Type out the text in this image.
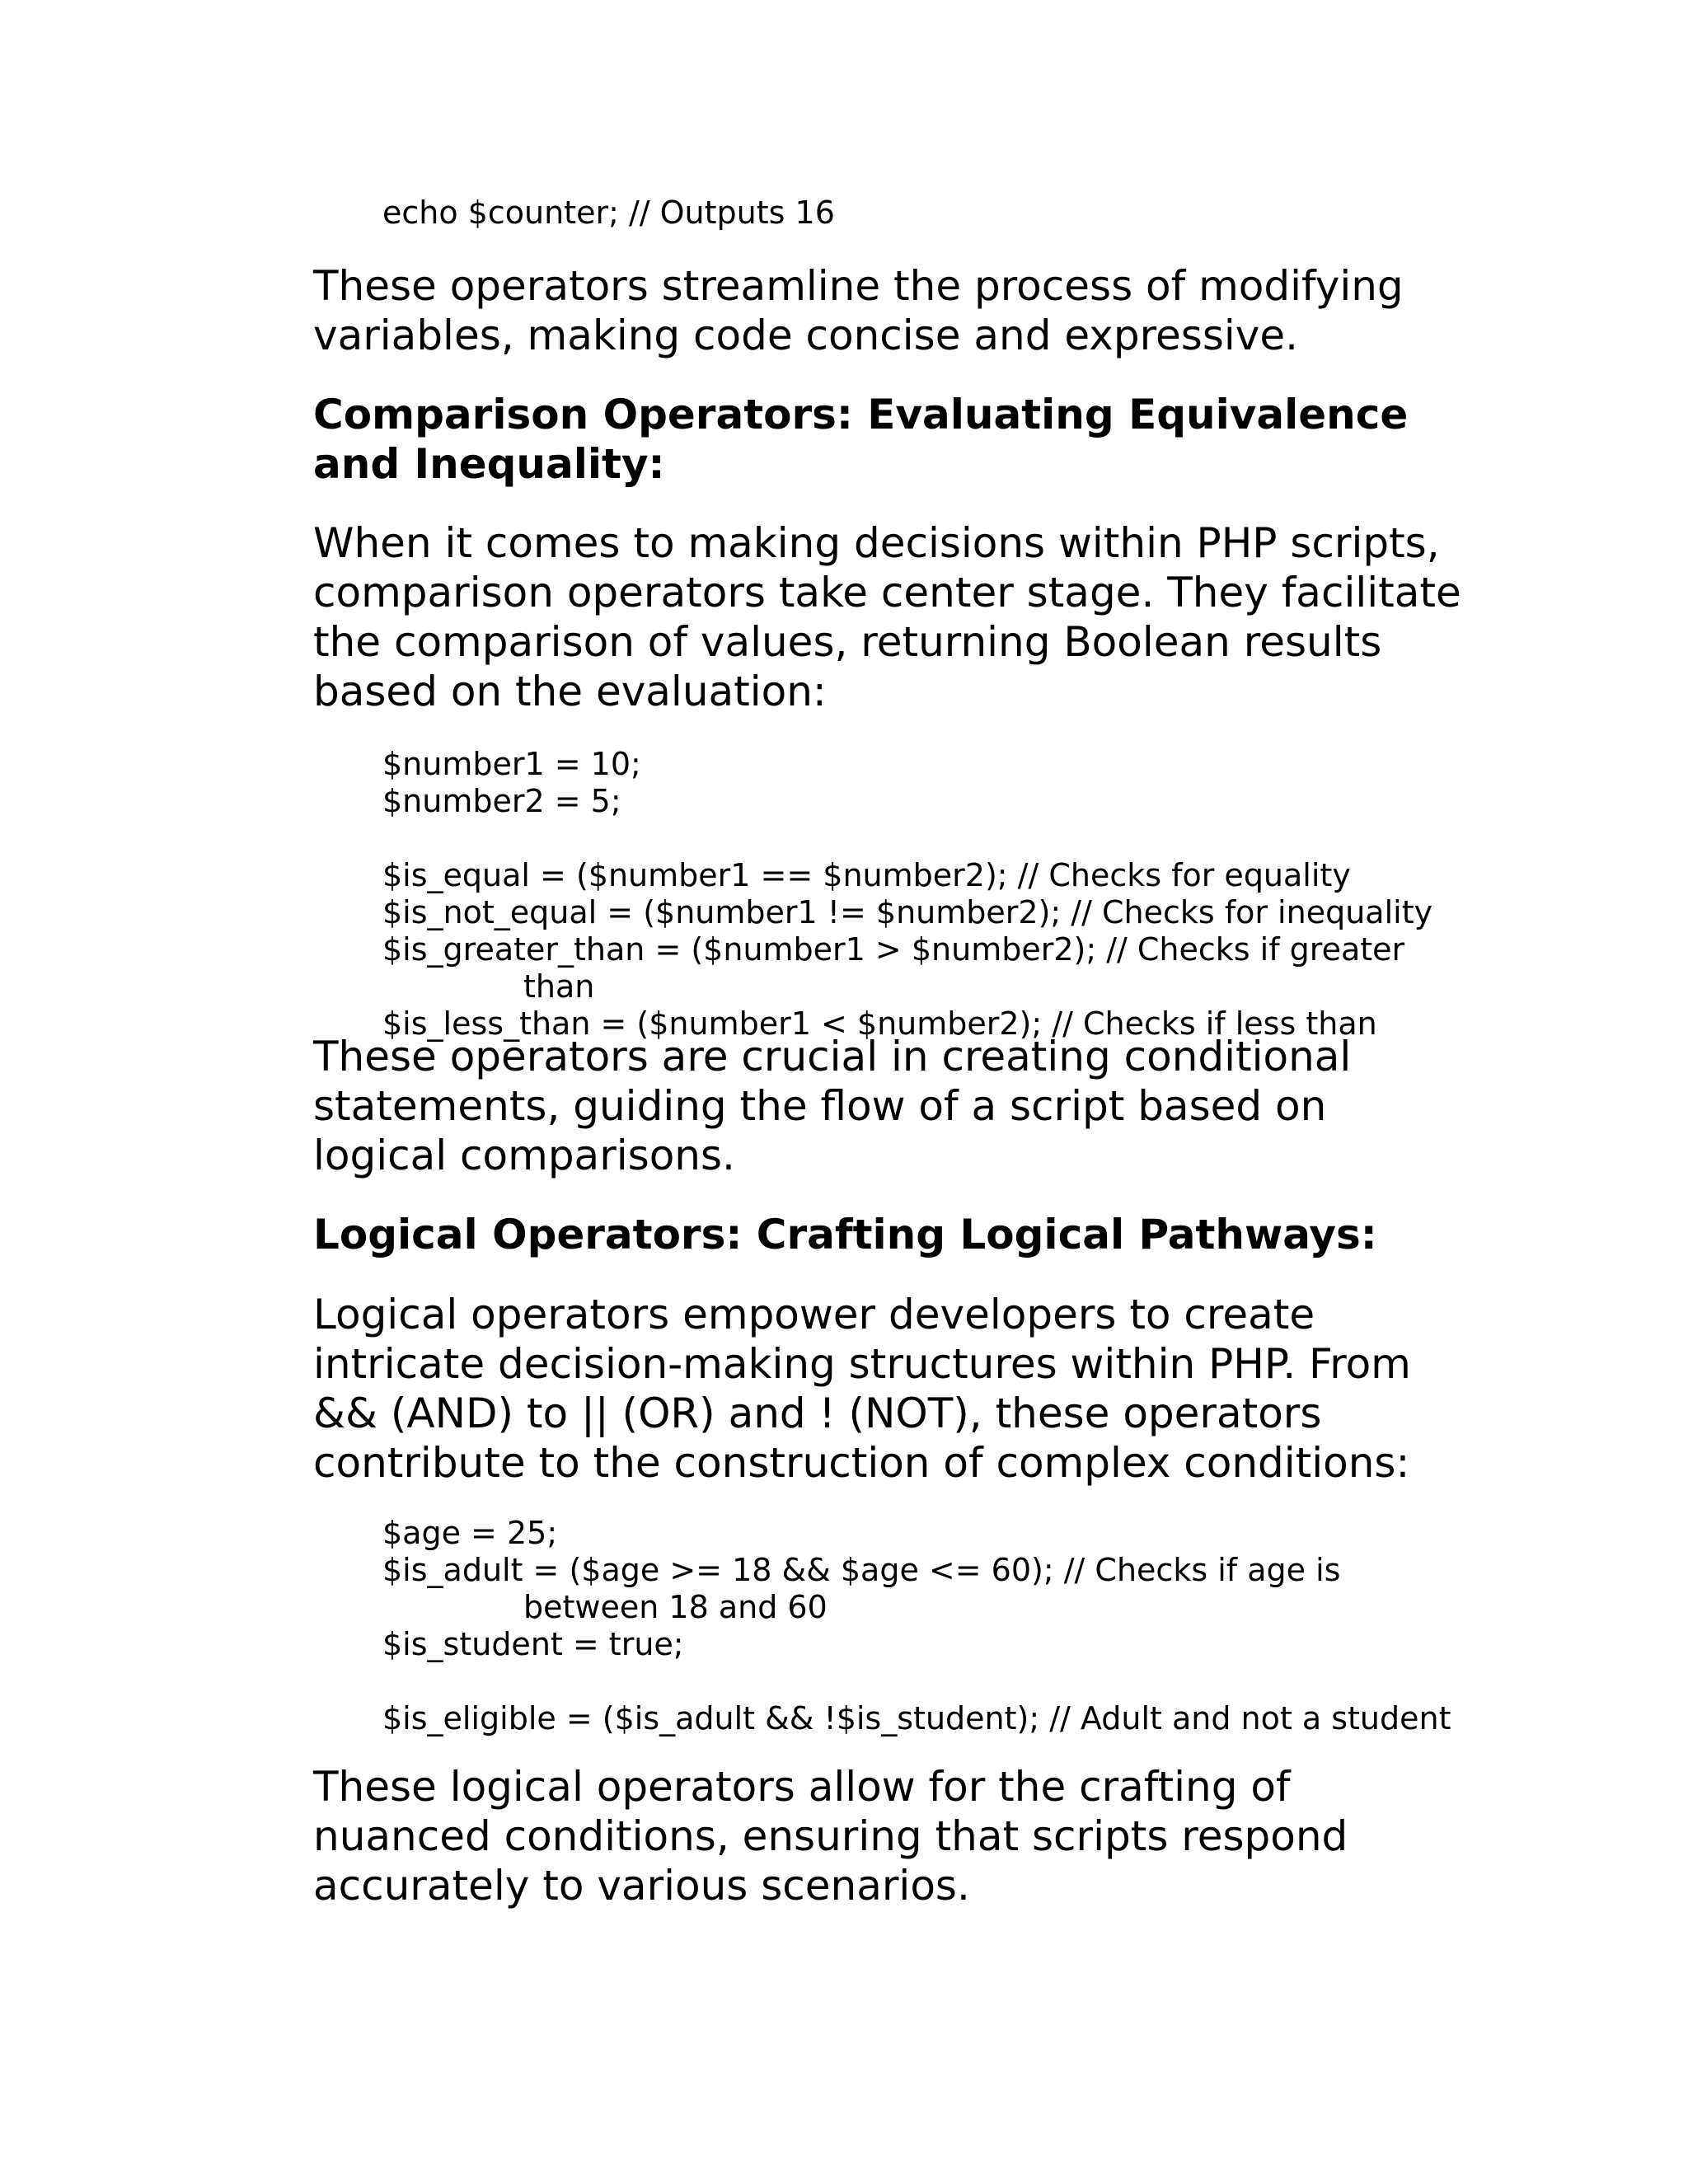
echo $counter; // Outputs 16
These operators streamline the process of modifying
variables, making code concise and expressive.
Comparison Operators: Evaluating Equivalence
and Inequality:
When it comes to making decisions within PHP scripts,
comparison operators take center stage. They facilitate
the comparison of values, returning Boolean results
based on the evaluation:
$number1 = 10;
$number2 = 5;
$is_equal = ($number1 == $number2); // Checks for equality
$is_not_equal = ($number1 != $number2); // Checks for inequality
$is_greater_than = ($number1 > $number2); // Checks if greater
than
$is_less_than = ($number1 < $number2); // Checks if less than
These operators are crucial in creating conditional
statements, guiding the flow of a script based on
logical comparisons.
Logical Operators: Crafting Logical Pathways:
Logical operators empower developers to create
intricate decision-making structures within PHP. From
&& (AND) to || (OR) and ! (NOT), these operators
contribute to the construction of complex conditions:
$age = 25;
$is_adult = ($age >= 18 && $age <= 60); // Checks if age is
between 18 and 60
$is_student = true;
$is_eligible = ($is_adult && !$is_student); // Adult and not a student
These logical operators allow for the crafting of
nuanced conditions, ensuring that scripts respond
accurately to various scenarios.
